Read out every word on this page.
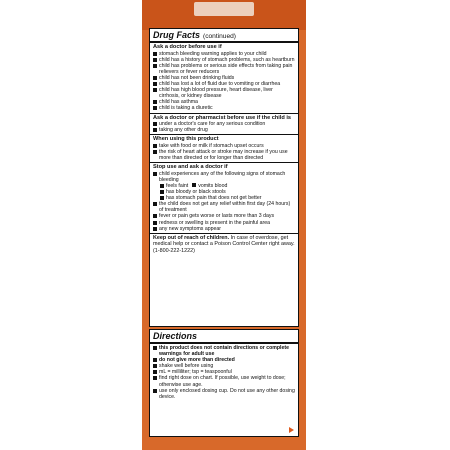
Drug Facts (continued)
Ask a doctor before use if
stomach bleeding warning applies to your child
child has a history of stomach problems, such as heartburn
child has problems or serious side effects from taking pain relievers or fever reducers
child has not been drinking fluids
child has lost a lot of fluid due to vomiting or diarrhea
child has high blood pressure, heart disease, liver cirrhosis, or kidney disease
child has asthma
child is taking a diuretic
Ask a doctor or pharmacist before use if the child is
under a doctor's care for any serious condition
taking any other drug
When using this product
take with food or milk if stomach upset occurs
the risk of heart attack or stroke may increase if you use more than directed or for longer than directed
Stop use and ask a doctor if
child experiences any of the following signs of stomach bleeding
feels faint vomits blood
has bloody or black stools
has stomach pain that does not get better
the child does not get any relief within first day (24 hours) of treatment
fever or pain gets worse or lasts more than 3 days
redness or swelling is present in the painful area
any new symptoms appear
Keep out of reach of children. In case of overdose, get medical help or contact a Poison Control Center right away. (1-800-222-1222)
Directions
this product does not contain directions or complete warnings for adult use
do not give more than directed
shake well before using
mL = milliliter; tsp = teaspoonful
find right dose on chart. If possible, use weight to dose; otherwise use age.
use only enclosed dosing cup. Do not use any other dosing device.
